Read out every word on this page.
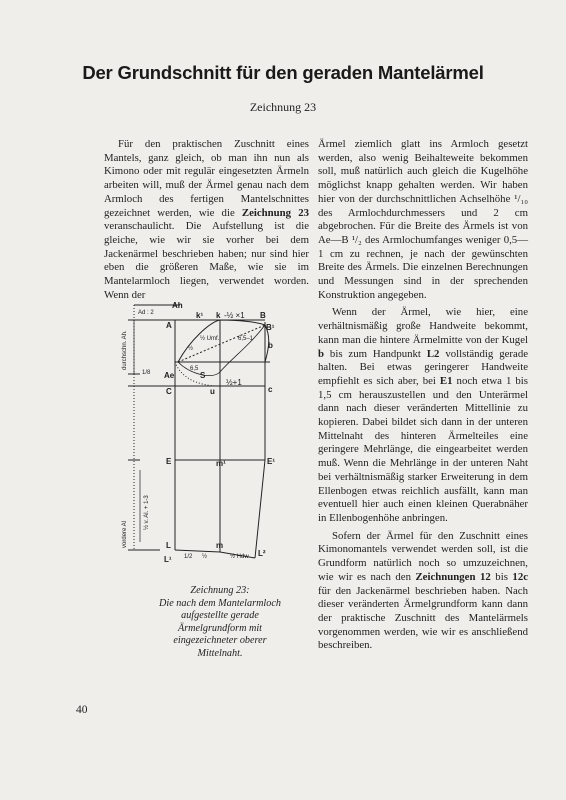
Der Grundschnitt für den geraden Mantelärmel
Zeichnung 23

Für den praktischen Zuschnitt eines Mantels, ganz gleich, ob man ihn nun als Kimono oder mit regulär eingesetzten Ärmeln arbeiten will, muß der Ärmel genau nach dem Armloch des fertigen Mantelschnittes gezeichnet werden, wie die Zeichnung 23 veranschaulicht. Die Aufstellung ist die gleiche, wie wir sie vorher bei dem Jackenärmel beschrieben haben; nur sind hier eben die größeren Maße, wie sie im Mantelarmloch liegen, verwendet worden. Wenn der

Ärmel ziemlich glatt ins Armloch gesetzt werden, also wenig Beihalteweite bekommen soll, muß natürlich auch gleich die Kugelhöhe möglichst knapp gehalten werden. Wir haben hier von der durchschnittlichen Achselhöhe ¹/₁₀ des Armlochdurchmessers und 2 cm abgebrochen. Für die Breite des Ärmels ist von Ae—B ¹/₂ des Armlochumfanges weniger 0,5—1 cm zu rechnen, je nach der gewünschten Breite des Ärmels. Die einzelnen Berechnungen und Messungen sind in der sprechenden Konstruktion angegeben.

Wenn der Ärmel, wie hier, eine verhältnismäßig große Handweite bekommt, kann man die hintere Ärmelmitte von der Kugel b bis zum Handpunkt L2 vollständig gerade halten. Bei etwas geringerer Handweite empfiehlt es sich aber, bei E1 noch etwa 1 bis 1,5 cm herauszustellen und den Unterärmel dann nach dieser veränderten Mittellinie zu kopieren. Dabei bildet sich dann in der unteren Mittelnaht des hinteren Ärmelteiles eine geringere Mehrlänge, die eingearbeitet werden muß. Wenn die Mehrlänge in der unteren Naht bei verhältnismäßig starker Erweiterung in dem Ellenbogen etwas reichlich ausfällt, kann man eventuell hier auch einen kleinen Querabnäher in Ellenbogenhöhe anbringen.

Sofern der Ärmel für den Zuschnitt eines Kimonomantels verwendet werden soll, ist die Grundform natürlich noch so umzuzeichnen, wie wir es nach den Zeichnungen 12 bis 12c für den Jackenärmel beschrieben haben. Nach dieser veränderten Ärmelgrundform kann dann der praktische Zuschnitt des Mantelärmels vorgenommen werden, wie wir es anschließend beschreiben.

Ah
A
k¹ k -½ ×1 B
B¹
b
Ae	S
C	u
½+1
c
E	m¹	E¹
L	m
L²
L¹
Ad : 2
½ Hdw
1/8
½ Umf.
½
6,5
6,5–1
1/2 ½
durchschn. Ah.
vordere Al
½ v. Al. + 1-3
Zeichnung 23:
Die nach dem Mantelarmloch aufgestellte gerade Ärmelgrundform mit eingezeichneter oberer Mittelnaht.
40
